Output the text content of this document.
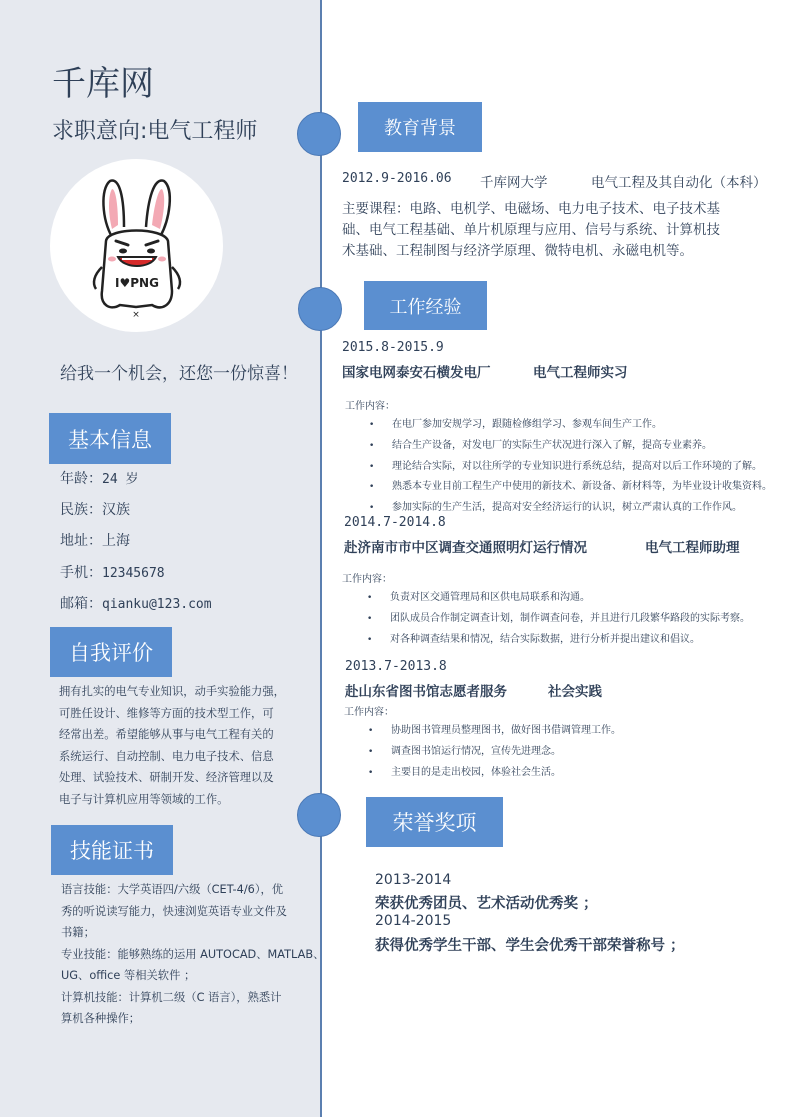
千库网
求职意向:电气工程师
I♥PNG
×
给我一个机会，还您一份惊喜！
基本信息
年龄：24 岁
民族：汉族
地址：上海
手机：12345678
邮箱：qianku@123.com
自我评价
拥有扎实的电气专业知识，动手实验能力强，
可胜任设计、维修等方面的技术型工作，可
经常出差。希望能够从事与电气工程有关的
系统运行、自动控制、电力电子技术、信息
处理、试验技术、研制开发、经济管理以及
电子与计算机应用等领域的工作。
技能证书
语言技能：大学英语四/六级（CET-4/6），优
秀的听说读写能力，快速浏览英语专业文件及
书籍；
专业技能：能够熟练的运用 AUTOCAD、MATLAB、
UG、office 等相关软件 ；
计算机技能：计算机二级（C 语言），熟悉计
算机各种操作；
教育背景
2012.9-2016.06 千库网大学	电气工程及其自动化（本科）
主要课程：电路、电机学、电磁场、电力电子技术、电子技术基
础、电气工程基础、单片机原理与应用、信号与系统、计算机技
术基础、工程制图与经济学原理、微特电机、永磁电机等。
工作经验
2015.8-2015.9
国家电网泰安石横发电厂	电气工程师实习
工作内容：
• 在电厂参加安规学习，跟随检修组学习、参观车间生产工作。
• 结合生产设备，对发电厂的实际生产状况进行深入了解，提高专业素养。
• 理论结合实际，对以往所学的专业知识进行系统总结，提高对以后工作环境的了解。
• 熟悉本专业目前工程生产中使用的新技术、新设备、新材料等，为毕业设计收集资料。
• 参加实际的生产生活，提高对安全经济运行的认识，树立严肃认真的工作作风。
2014.7-2014.8
赴济南市市中区调查交通照明灯运行情况	电气工程师助理
工作内容：
• 负责对区交通管理局和区供电局联系和沟通。
• 团队成员合作制定调查计划，制作调查问卷，并且进行几段繁华路段的实际考察。
• 对各种调查结果和情况，结合实际数据，进行分析并提出建议和倡议。
2013.7-2013.8
赴山东省图书馆志愿者服务	社会实践
工作内容：
• 协助图书管理员整理图书，做好图书借调管理工作。
• 调查图书馆运行情况，宣传先进理念。
• 主要目的是走出校园，体验社会生活。
荣誉奖项
2013-2014
荣获优秀团员、艺术活动优秀奖 ；
2014-2015
获得优秀学生干部、学生会优秀干部荣誉称号 ；
